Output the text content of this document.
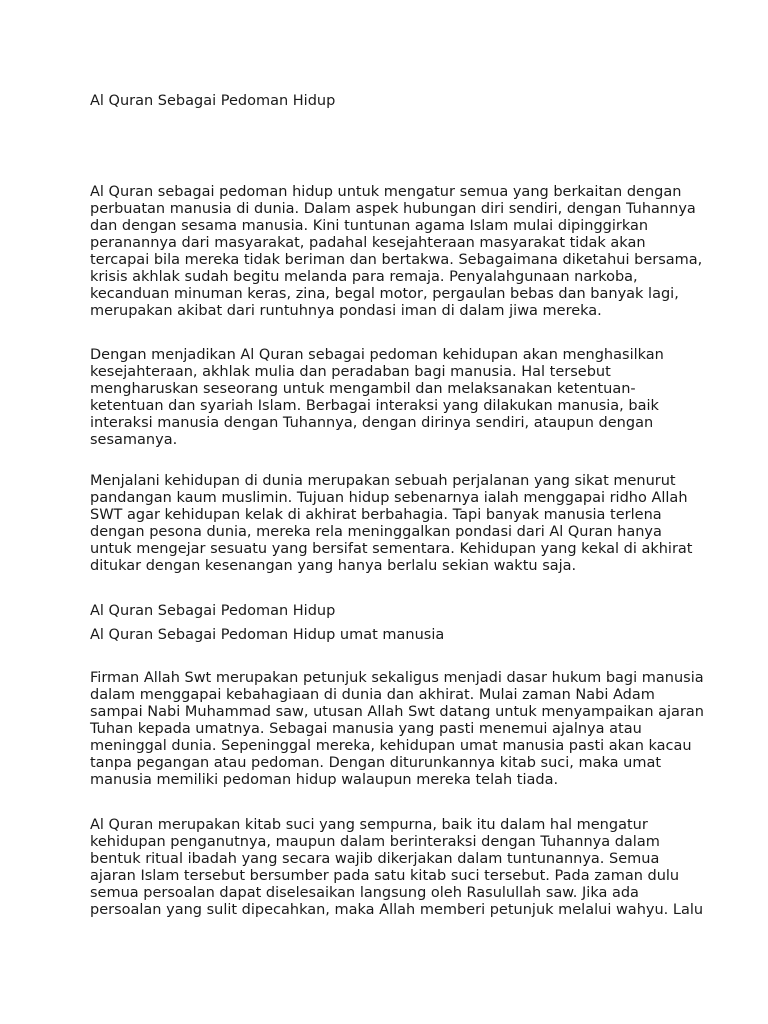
Al Quran Sebagai Pedoman Hidup
Al Quran sebagai pedoman hidup untuk mengatur semua yang berkaitan dengan
perbuatan manusia di dunia. Dalam aspek hubungan diri sendiri, dengan Tuhannya
dan dengan sesama manusia. Kini tuntunan agama Islam mulai dipinggirkan
peranannya dari masyarakat, padahal kesejahteraan masyarakat tidak akan
tercapai bila mereka tidak beriman dan bertakwa. Sebagaimana diketahui bersama,
krisis akhlak sudah begitu melanda para remaja. Penyalahgunaan narkoba,
kecanduan minuman keras, zina, begal motor, pergaulan bebas dan banyak lagi,
merupakan akibat dari runtuhnya pondasi iman di dalam jiwa mereka.
Dengan menjadikan Al Quran sebagai pedoman kehidupan akan menghasilkan
kesejahteraan, akhlak mulia dan peradaban bagi manusia. Hal tersebut
mengharuskan seseorang untuk mengambil dan melaksanakan ketentuan-
ketentuan dan syariah Islam. Berbagai interaksi yang dilakukan manusia, baik
interaksi manusia dengan Tuhannya, dengan dirinya sendiri, ataupun dengan
sesamanya.
Menjalani kehidupan di dunia merupakan sebuah perjalanan yang sikat menurut
pandangan kaum muslimin. Tujuan hidup sebenarnya ialah menggapai ridho Allah
SWT agar kehidupan kelak di akhirat berbahagia. Tapi banyak manusia terlena
dengan pesona dunia, mereka rela meninggalkan pondasi dari Al Quran hanya
untuk mengejar sesuatu yang bersifat sementara. Kehidupan yang kekal di akhirat
ditukar dengan kesenangan yang hanya berlalu sekian waktu saja.
Al Quran Sebagai Pedoman Hidup
Al Quran Sebagai Pedoman Hidup umat manusia
Firman Allah Swt merupakan petunjuk sekaligus menjadi dasar hukum bagi manusia
dalam menggapai kebahagiaan di dunia dan akhirat. Mulai zaman Nabi Adam
sampai Nabi Muhammad saw, utusan Allah Swt datang untuk menyampaikan ajaran
Tuhan kepada umatnya. Sebagai manusia yang pasti menemui ajalnya atau
meninggal dunia. Sepeninggal mereka, kehidupan umat manusia pasti akan kacau
tanpa pegangan atau pedoman. Dengan diturunkannya kitab suci, maka umat
manusia memiliki pedoman hidup walaupun mereka telah tiada.
Al Quran merupakan kitab suci yang sempurna, baik itu dalam hal mengatur
kehidupan penganutnya, maupun dalam berinteraksi dengan Tuhannya dalam
bentuk ritual ibadah yang secara wajib dikerjakan dalam tuntunannya. Semua
ajaran Islam tersebut bersumber pada satu kitab suci tersebut. Pada zaman dulu
semua persoalan dapat diselesaikan langsung oleh Rasulullah saw. Jika ada
persoalan yang sulit dipecahkan, maka Allah memberi petunjuk melalui wahyu. Lalu
